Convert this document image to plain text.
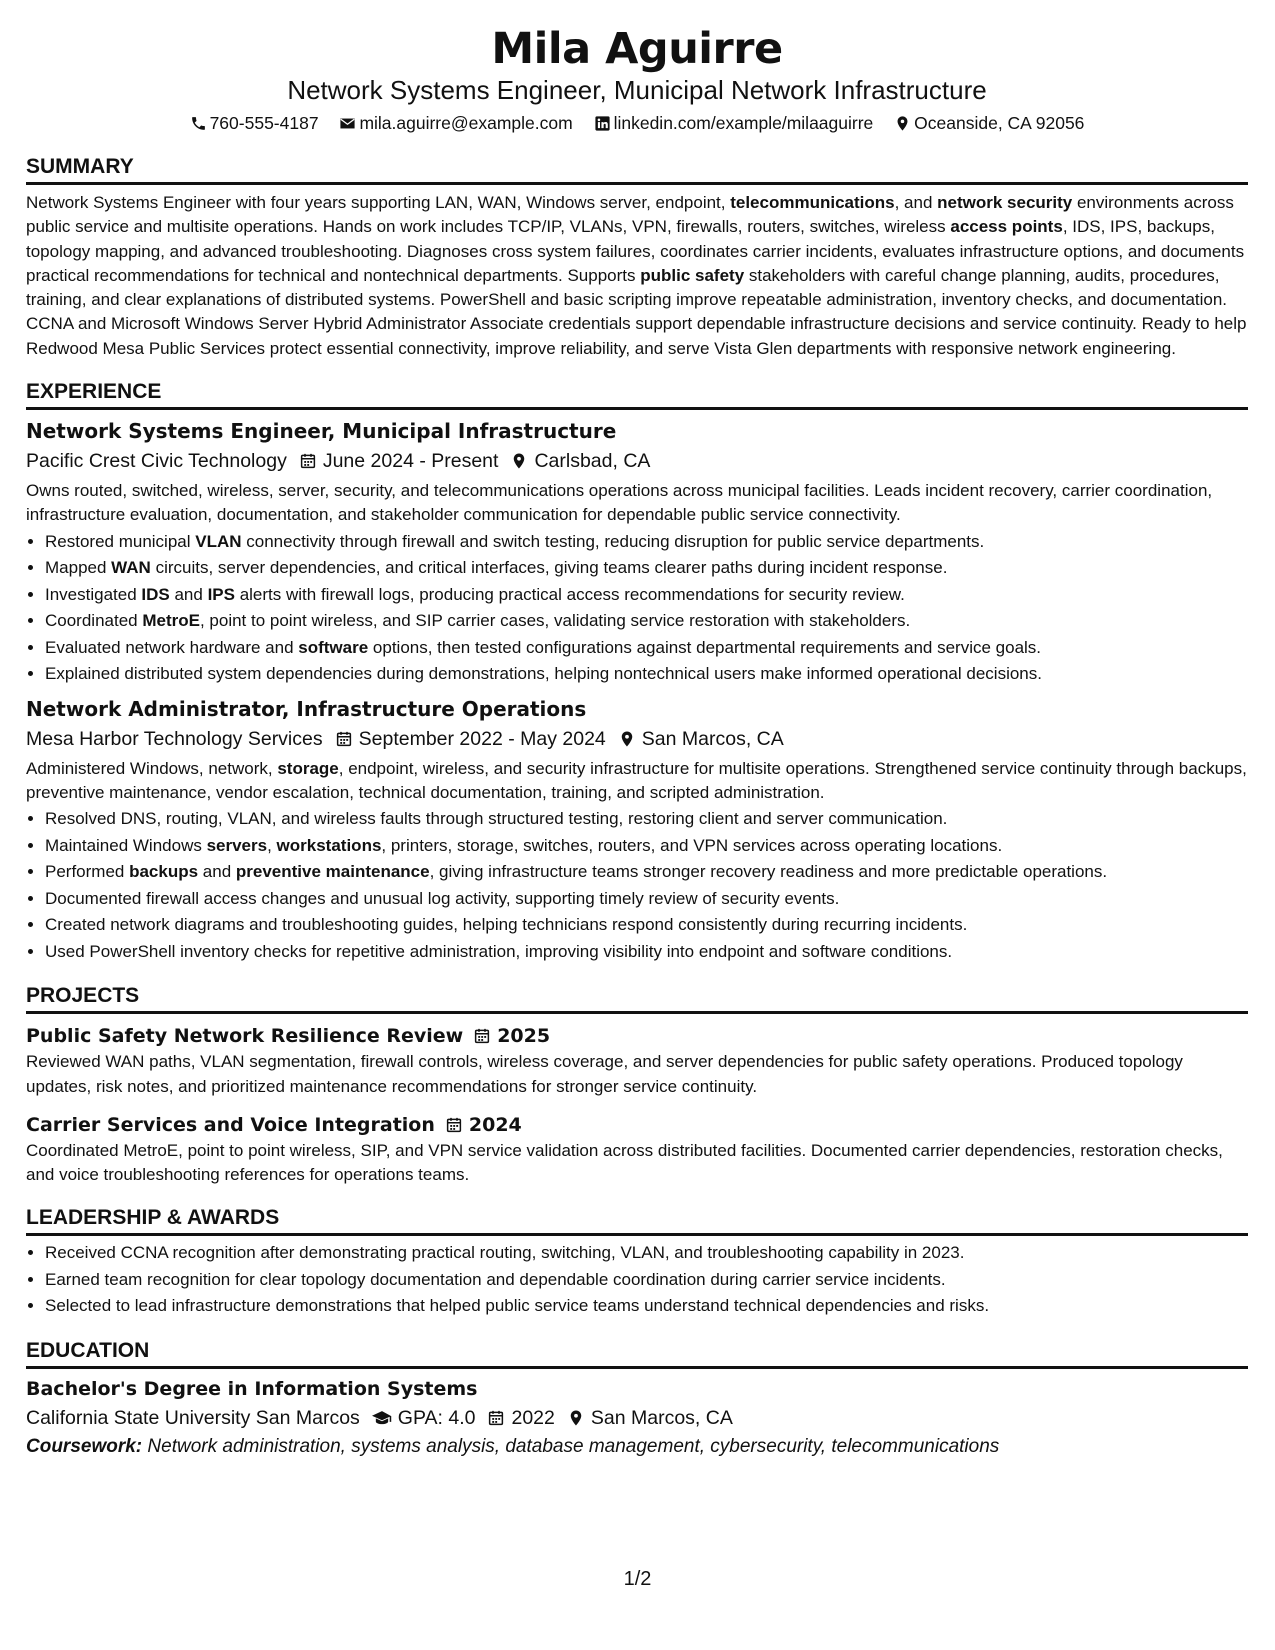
Mila Aguirre
Network Systems Engineer, Municipal Network Infrastructure
760-555-4187 mila.aguirre@example.com linkedin.com/example/milaaguirre Oceanside, CA 92056
SUMMARY

Network Systems Engineer with four years supporting LAN, WAN, Windows server, endpoint, telecommunications, and network security environments across public service and multisite operations. Hands on work includes TCP/IP, VLANs, VPN, firewalls, routers, switches, wireless access points, IDS, IPS, backups, topology mapping, and advanced troubleshooting. Diagnoses cross system failures, coordinates carrier incidents, evaluates infrastructure options, and documents practical recommendations for technical and nontechnical departments. Supports public safety stakeholders with careful change planning, audits, procedures, training, and clear explanations of distributed systems. PowerShell and basic scripting improve repeatable administration, inventory checks, and documentation. CCNA and Microsoft Windows Server Hybrid Administrator Associate credentials support dependable infrastructure decisions and service continuity. Ready to help Redwood Mesa Public Services protect essential connectivity, improve reliability, and serve Vista Glen departments with responsive network engineering.

EXPERIENCE
Network Systems Engineer, Municipal Infrastructure
Pacific Crest Civic Technology June 2024 - Present Carlsbad, CA
Owns routed, switched, wireless, server, security, and telecommunications operations across municipal facilities. Leads incident recovery, carrier coordination, infrastructure evaluation, documentation, and stakeholder communication for dependable public service connectivity.
• Restored municipal VLAN connectivity through firewall and switch testing, reducing disruption for public service departments.
• Mapped WAN circuits, server dependencies, and critical interfaces, giving teams clearer paths during incident response.
• Investigated IDS and IPS alerts with firewall logs, producing practical access recommendations for security review.
• Coordinated MetroE, point to point wireless, and SIP carrier cases, validating service restoration with stakeholders.
• Evaluated network hardware and software options, then tested configurations against departmental requirements and service goals.
• Explained distributed system dependencies during demonstrations, helping nontechnical users make informed operational decisions.
Network Administrator, Infrastructure Operations
Mesa Harbor Technology Services September 2022 - May 2024 San Marcos, CA
Administered Windows, network, storage, endpoint, wireless, and security infrastructure for multisite operations. Strengthened service continuity through backups, preventive maintenance, vendor escalation, technical documentation, training, and scripted administration.
• Resolved DNS, routing, VLAN, and wireless faults through structured testing, restoring client and server communication.
• Maintained Windows servers, workstations, printers, storage, switches, routers, and VPN services across operating locations.
• Performed backups and preventive maintenance, giving infrastructure teams stronger recovery readiness and more predictable operations.
• Documented firewall access changes and unusual log activity, supporting timely review of security events.
• Created network diagrams and troubleshooting guides, helping technicians respond consistently during recurring incidents.
• Used PowerShell inventory checks for repetitive administration, improving visibility into endpoint and software conditions.
PROJECTS
Public Safety Network Resilience Review 2025
Reviewed WAN paths, VLAN segmentation, firewall controls, wireless coverage, and server dependencies for public safety operations. Produced topology updates, risk notes, and prioritized maintenance recommendations for stronger service continuity.
Carrier Services and Voice Integration 2024
Coordinated MetroE, point to point wireless, SIP, and VPN service validation across distributed facilities. Documented carrier dependencies, restoration checks, and voice troubleshooting references for operations teams.
LEADERSHIP & AWARDS
• Received CCNA recognition after demonstrating practical routing, switching, VLAN, and troubleshooting capability in 2023.
• Earned team recognition for clear topology documentation and dependable coordination during carrier service incidents.
• Selected to lead infrastructure demonstrations that helped public service teams understand technical dependencies and risks.
EDUCATION
Bachelor's Degree in Information Systems
California State University San Marcos GPA: 4.0 2022 San Marcos, CA
Coursework: Network administration, systems analysis, database management, cybersecurity, telecommunications
1/2
